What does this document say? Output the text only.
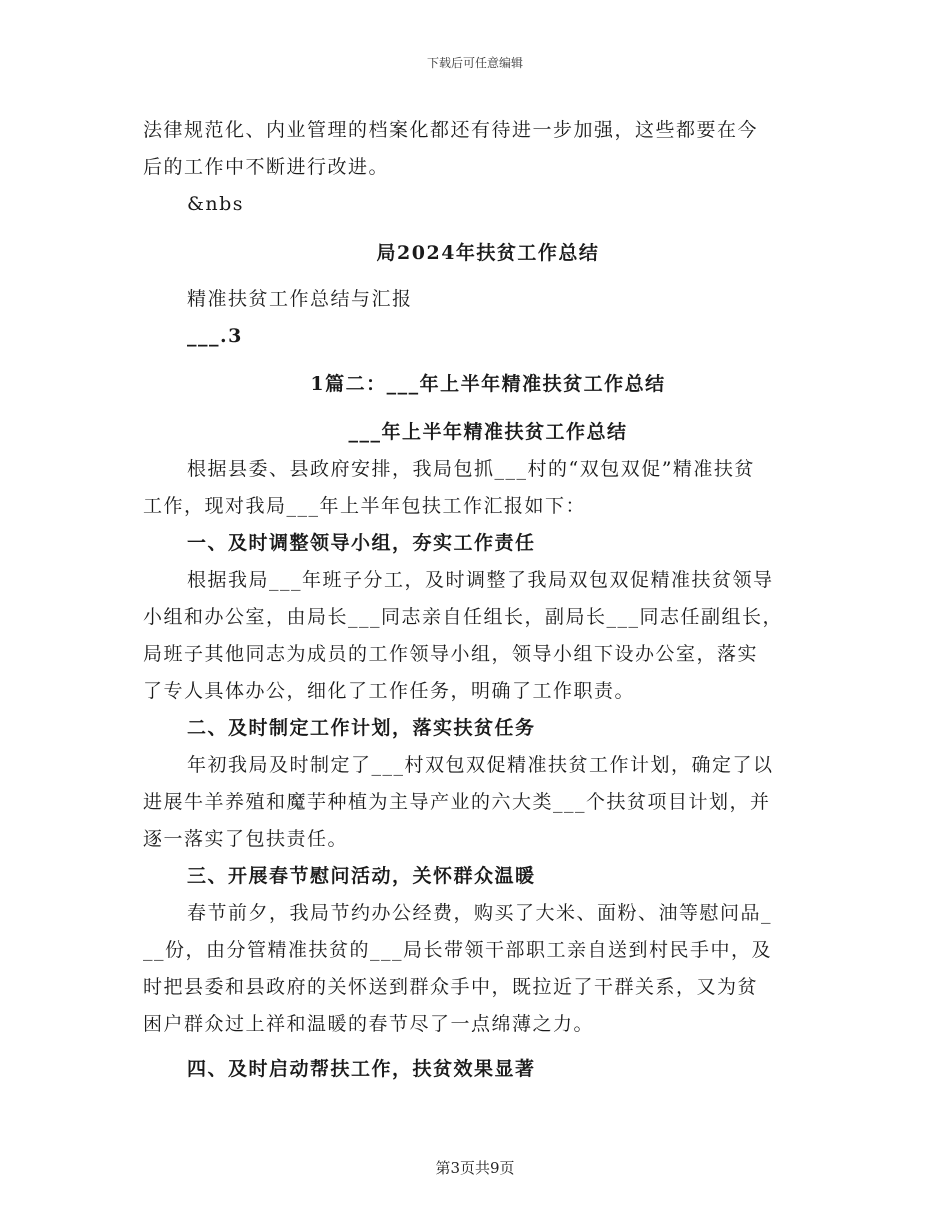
下载后可任意编辑

法律规范化、内业管理的档案化都还有待进一步加强，这些都要在今

后的工作中不断进行改进。

&nbs

局2024年扶贫工作总结

精准扶贫工作总结与汇报

___.3

1篇二：___年上半年精准扶贫工作总结

___年上半年精准扶贫工作总结

根据县委、县政府安排，我局包抓___村的“双包双促”精准扶贫

工作，现对我局___年上半年包扶工作汇报如下：

一、及时调整领导小组，夯实工作责任

根据我局___年班子分工，及时调整了我局双包双促精准扶贫领导

小组和办公室，由局长___同志亲自任组长，副局长___同志任副组长，

局班子其他同志为成员的工作领导小组，领导小组下设办公室，落实

了专人具体办公，细化了工作任务，明确了工作职责。

二、及时制定工作计划，落实扶贫任务

年初我局及时制定了___村双包双促精准扶贫工作计划，确定了以

进展牛羊养殖和魔芋种植为主导产业的六大类___个扶贫项目计划，并

逐一落实了包扶责任。

三、开展春节慰问活动，关怀群众温暖

春节前夕，我局节约办公经费，购买了大米、面粉、油等慰问品_

__份，由分管精准扶贫的___局长带领干部职工亲自送到村民手中，及

时把县委和县政府的关怀送到群众手中，既拉近了干群关系，又为贫

困户群众过上祥和温暖的春节尽了一点绵薄之力。

四、及时启动帮扶工作，扶贫效果显著

第3页共9页
